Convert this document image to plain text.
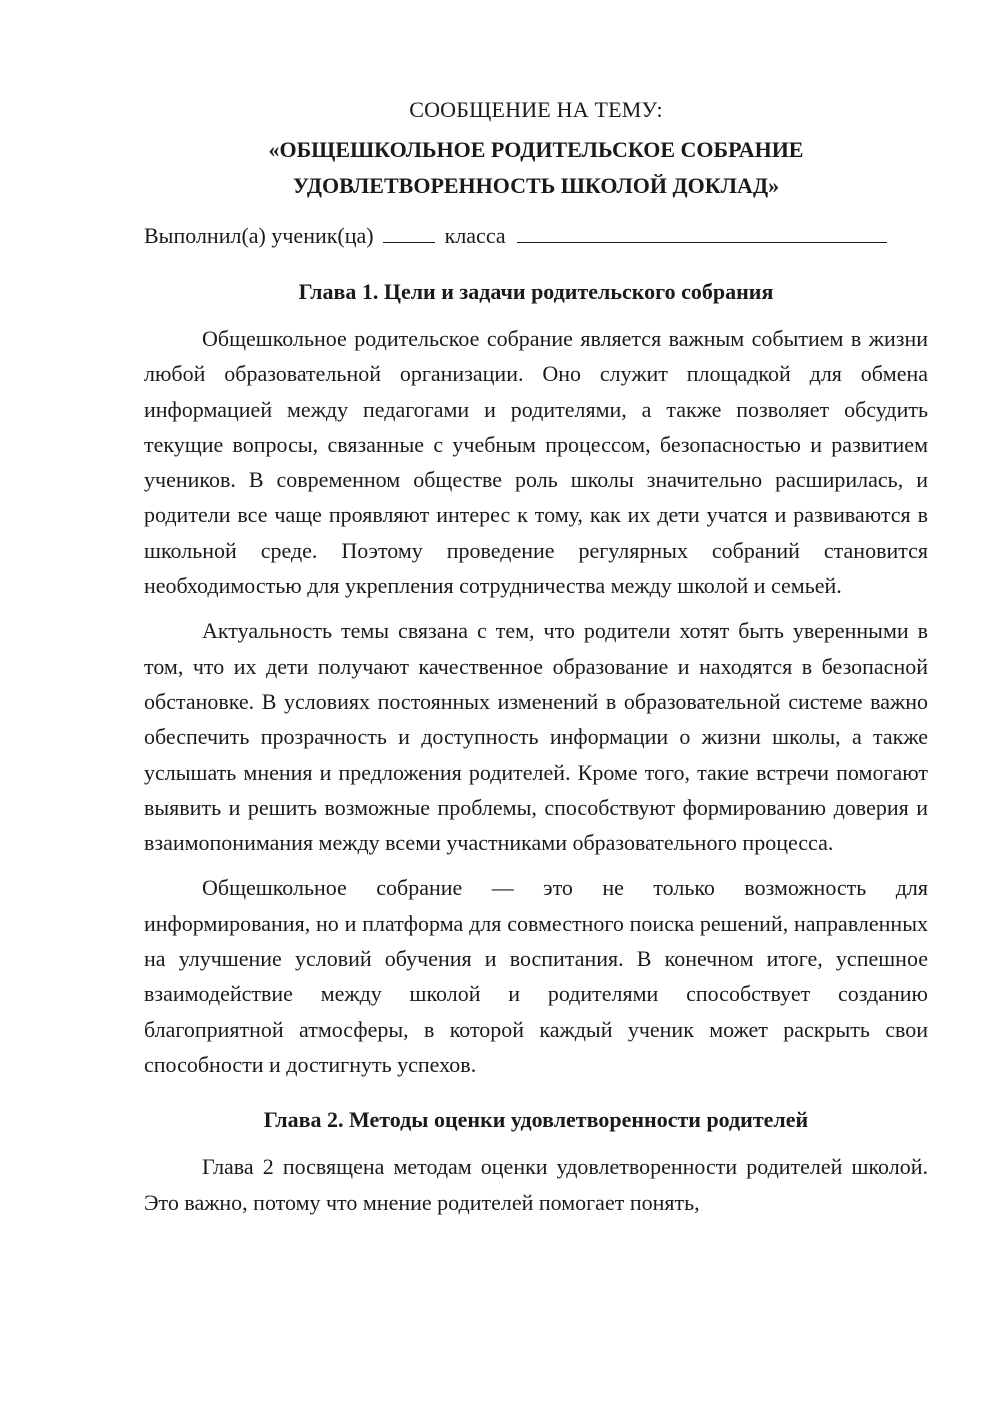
СООБЩЕНИЕ НА ТЕМУ:

«ОБЩЕШКОЛЬНОЕ РОДИТЕЛЬСКОЕ СОБРАНИЕ

УДОВЛЕТВОРЕННОСТЬ ШКОЛОЙ ДОКЛАД»

Выполнил(а) ученик(ца)	класса

Глава 1. Цели и задачи родительского собрания

Общешкольное родительское собрание является важным событием в жизни любой образовательной организации. Оно служит площадкой для обмена информацией между педагогами и родителями, а также позволяет обсудить текущие вопросы, связанные с учебным процессом, безопасностью и развитием учеников. В современном обществе роль школы значительно расширилась, и родители все чаще проявляют интерес к тому, как их дети учатся и развиваются в школьной среде. Поэтому проведение регулярных собраний становится необходимостью для укрепления сотрудничества между школой и семьей.

Актуальность темы связана с тем, что родители хотят быть уверенными в том, что их дети получают качественное образование и находятся в безопасной обстановке. В условиях постоянных изменений в образовательной системе важно обеспечить прозрачность и доступность информации о жизни школы, а также услышать мнения и предложения родителей. Кроме того, такие встречи помогают выявить и решить возможные проблемы, способствуют формированию доверия и взаимопонимания между всеми участниками образовательного процесса.

Общешкольное собрание — это не только возможность для информирования, но и платформа для совместного поиска решений, направленных на улучшение условий обучения и воспитания. В конечном итоге, успешное взаимодействие между школой и родителями способствует созданию благоприятной атмосферы, в которой каждый ученик может раскрыть свои способности и достигнуть успехов.

Глава 2. Методы оценки удовлетворенности родителей

Глава 2 посвящена методам оценки удовлетворенности родителей школой. Это важно, потому что мнение родителей помогает понять,
